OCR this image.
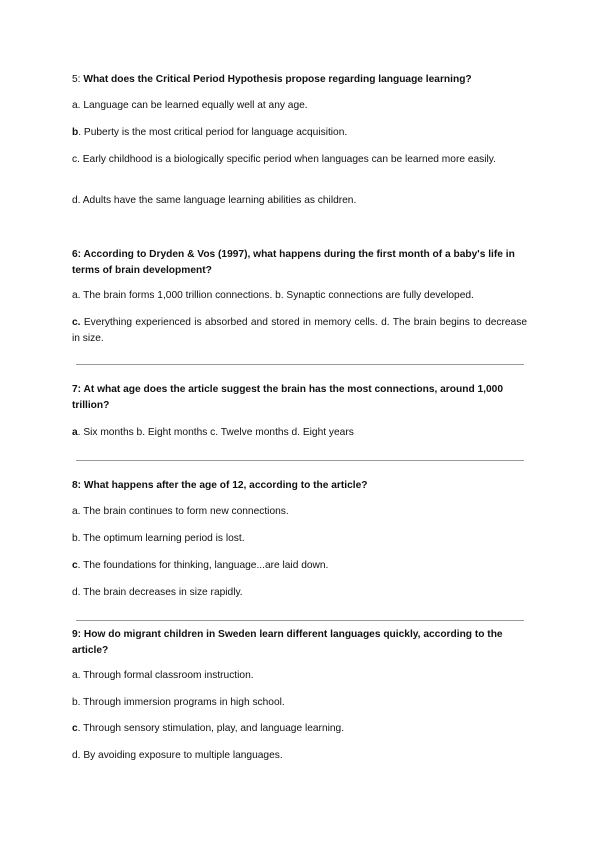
5: What does the Critical Period Hypothesis propose regarding language learning?

a. Language can be learned equally well at any age.

b. Puberty is the most critical period for language acquisition.

c. Early childhood is a biologically specific period when languages can be learned more easily.

d. Adults have the same language learning abilities as children.

6: According to Dryden & Vos (1997), what happens during the first month of a baby's life in terms of brain development?

a. The brain forms 1,000 trillion connections. b. Synaptic connections are fully developed.

c. Everything experienced is absorbed and stored in memory cells. d. The brain begins to decrease in size.

7: At what age does the article suggest the brain has the most connections, around 1,000 trillion?

a. Six months b. Eight months c. Twelve months d. Eight years

8: What happens after the age of 12, according to the article?

a. The brain continues to form new connections.

b. The optimum learning period is lost.

c. The foundations for thinking, language...are laid down.

d. The brain decreases in size rapidly.

9: How do migrant children in Sweden learn different languages quickly, according to the article?

a. Through formal classroom instruction.

b. Through immersion programs in high school.

c. Through sensory stimulation, play, and language learning.

d. By avoiding exposure to multiple languages.
